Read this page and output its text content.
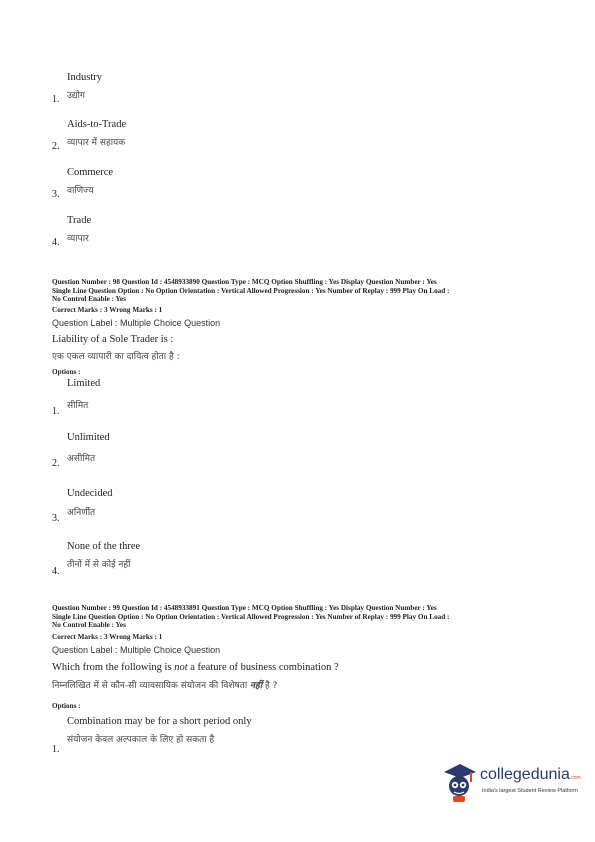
Industry
उद्योग
1.
Aids-to-Trade
व्यापार में सहायक
2.
Commerce
वाणिज्य
3.
Trade
व्यापार
4.
Question Number : 98 Question Id : 4548933890 Question Type : MCQ Option Shuffling : Yes Display Question Number : Yes
Single Line Question Option : No Option Orientation : Vertical Allowed Progression : Yes Number of Replay : 999 Play On Load :
No Control Enable : Yes
Correct Marks : 3 Wrong Marks : 1
Question Label : Multiple Choice Question
Liability of a Sole Trader is :
एक एकल व्यापारी का दायित्व होता है :
Options :
Limited
सीमित
1.
Unlimited
असीमित
2.
Undecided
अनिर्णीत
3.
None of the three
तीनों में से कोई नहीं
4.
Question Number : 99 Question Id : 4548933891 Question Type : MCQ Option Shuffling : Yes Display Question Number : Yes
Single Line Question Option : No Option Orientation : Vertical Allowed Progression : Yes Number of Replay : 999 Play On Load :
No Control Enable : Yes
Correct Marks : 3 Wrong Marks : 1
Question Label : Multiple Choice Question
Which from the following is not a feature of business combination ?
निम्नलिखित में से कौन-सी व्यावसायिक संयोजन की विशेषता नहीं है ?
Options :
Combination may be for a short period only
संयोजन केवल अल्पकाल के लिए हो सकता है
1.
collegedunia.com
India's largest Student Review Platform
